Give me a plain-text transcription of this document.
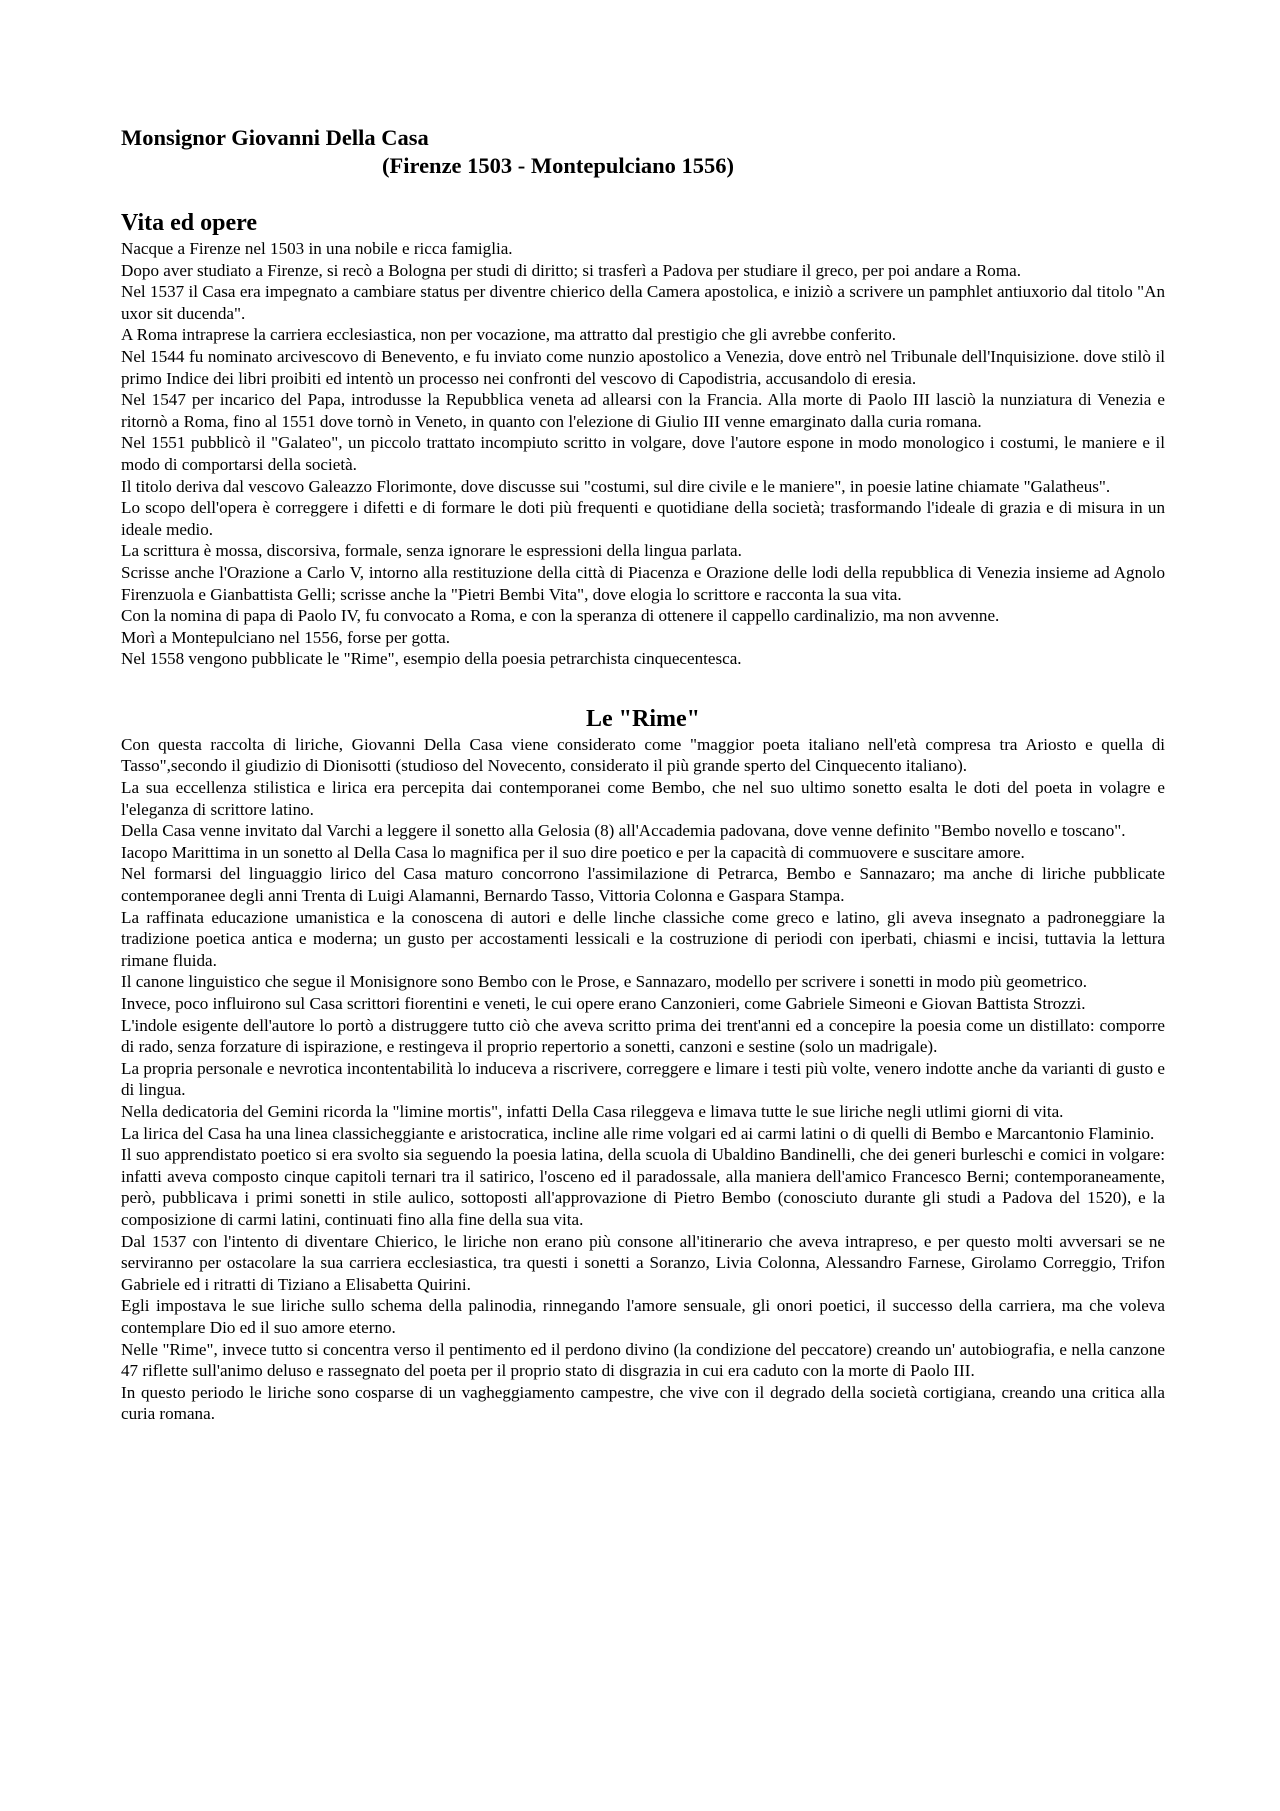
Monsignor Giovanni Della Casa
(Firenze 1503 - Montepulciano 1556)
Vita ed opere

Nacque a Firenze nel 1503 in una nobile e ricca famiglia.

Dopo aver studiato a Firenze, si recò a Bologna per studi di diritto; si trasferì a Padova per studiare il greco, per poi andare a Roma.

Nel 1537 il Casa era impegnato a cambiare status per diventre chierico della Camera apostolica, e iniziò a scrivere un pamphlet antiuxorio dal titolo "An uxor sit ducenda".

A Roma intraprese la carriera ecclesiastica, non per vocazione, ma attratto dal prestigio che gli avrebbe conferito.

Nel 1544 fu nominato arcivescovo di Benevento, e fu inviato come nunzio apostolico a Venezia, dove entrò nel Tribunale dell'Inquisizione. dove stilò il primo Indice dei libri proibiti ed intentò un processo nei confronti del vescovo di Capodistria, accusandolo di eresia.

Nel 1547 per incarico del Papa, introdusse la Repubblica veneta ad allearsi con la Francia. Alla morte di Paolo III lasciò la nunziatura di Venezia e ritornò a Roma, fino al 1551 dove tornò in Veneto, in quanto con l'elezione di Giulio III venne emarginato dalla curia romana.

Nel 1551 pubblicò il "Galateo", un piccolo trattato incompiuto scritto in volgare, dove l'autore espone in modo monologico i costumi, le maniere e il modo di comportarsi della società.

Il titolo deriva dal vescovo Galeazzo Florimonte, dove discusse sui "costumi, sul dire civile e le maniere", in poesie latine chiamate "Galatheus".

Lo scopo dell'opera è correggere i difetti e di formare le doti più frequenti e quotidiane della società; trasformando l'ideale di grazia e di misura in un ideale medio.

La scrittura è mossa, discorsiva, formale, senza ignorare le espressioni della lingua parlata.

Scrisse anche l'Orazione a Carlo V, intorno alla restituzione della città di Piacenza e Orazione delle lodi della repubblica di Venezia insieme ad Agnolo Firenzuola e Gianbattista Gelli; scrisse anche la "Pietri Bembi Vita", dove elogia lo scrittore e racconta la sua vita.

Con la nomina di papa di Paolo IV, fu convocato a Roma, e con la speranza di ottenere il cappello cardinalizio, ma non avvenne.

Morì a Montepulciano nel 1556, forse per gotta.

Nel 1558 vengono pubblicate le "Rime", esempio della poesia petrarchista cinquecentesca.

Le "Rime"

Con questa raccolta di liriche, Giovanni Della Casa viene considerato come "maggior poeta italiano nell'età compresa tra Ariosto e quella di Tasso",secondo il giudizio di Dionisotti (studioso del Novecento, considerato il più grande sperto del Cinquecento italiano).

La sua eccellenza stilistica e lirica era percepita dai contemporanei come Bembo, che nel suo ultimo sonetto esalta le doti del poeta in volagre e l'eleganza di scrittore latino.

Della Casa venne invitato dal Varchi a leggere il sonetto alla Gelosia (8) all'Accademia padovana, dove venne definito "Bembo novello e toscano".

Iacopo Marittima in un sonetto al Della Casa lo magnifica per il suo dire poetico e per la capacità di commuovere e suscitare amore.

Nel formarsi del linguaggio lirico del Casa maturo concorrono l'assimilazione di Petrarca, Bembo e Sannazaro; ma anche di liriche pubblicate contemporanee degli anni Trenta di Luigi Alamanni, Bernardo Tasso, Vittoria Colonna e Gaspara Stampa.

La raffinata educazione umanistica e la conoscena di autori e delle linche classiche come greco e latino, gli aveva insegnato a padroneggiare la tradizione poetica antica e moderna; un gusto per accostamenti lessicali e la costruzione di periodi con iperbati, chiasmi e incisi, tuttavia la lettura rimane fluida.

Il canone linguistico che segue il Monisignore sono Bembo con le Prose, e Sannazaro, modello per scrivere i sonetti in modo più geometrico.

Invece, poco influirono sul Casa scrittori fiorentini e veneti, le cui opere erano Canzonieri, come Gabriele Simeoni e Giovan Battista Strozzi.

L'indole esigente dell'autore lo portò a distruggere tutto ciò che aveva scritto prima dei trent'anni ed a concepire la poesia come un distillato: comporre di rado, senza forzature di ispirazione, e restingeva il proprio repertorio a sonetti, canzoni e sestine (solo un madrigale).

La propria personale e nevrotica incontentabilità lo induceva a riscrivere, correggere e limare i testi più volte, venero indotte anche da varianti di gusto e di lingua.

Nella dedicatoria del Gemini ricorda la "limine mortis", infatti Della Casa rileggeva e limava tutte le sue liriche negli utlimi giorni di vita.

La lirica del Casa ha una linea classicheggiante e aristocratica, incline alle rime volgari ed ai carmi latini o di quelli di Bembo e Marcantonio Flaminio.

Il suo apprendistato poetico si era svolto sia seguendo la poesia latina, della scuola di Ubaldino Bandinelli, che dei generi burleschi e comici in volgare: infatti aveva composto cinque capitoli ternari tra il satirico, l'osceno ed il paradossale, alla maniera dell'amico Francesco Berni; contemporaneamente, però, pubblicava i primi sonetti in stile aulico, sottoposti all'approvazione di Pietro Bembo (conosciuto durante gli studi a Padova del 1520), e la composizione di carmi latini, continuati fino alla fine della sua vita.

Dal 1537 con l'intento di diventare Chierico, le liriche non erano più consone all'itinerario che aveva intrapreso, e per questo molti avversari se ne serviranno per ostacolare la sua carriera ecclesiastica, tra questi i sonetti a Soranzo, Livia Colonna, Alessandro Farnese, Girolamo Correggio, Trifon Gabriele ed i ritratti di Tiziano a Elisabetta Quirini.

Egli impostava le sue liriche sullo schema della palinodia, rinnegando l'amore sensuale, gli onori poetici, il successo della carriera, ma che voleva contemplare Dio ed il suo amore eterno.

Nelle "Rime", invece tutto si concentra verso il pentimento ed il perdono divino (la condizione del peccatore) creando un' autobiografia, e nella canzone 47 riflette sull'animo deluso e rassegnato del poeta per il proprio stato di disgrazia in cui era caduto con la morte di Paolo III.

In questo periodo le liriche sono cosparse di un vagheggiamento campestre, che vive con il degrado della società cortigiana, creando una critica alla curia romana.
